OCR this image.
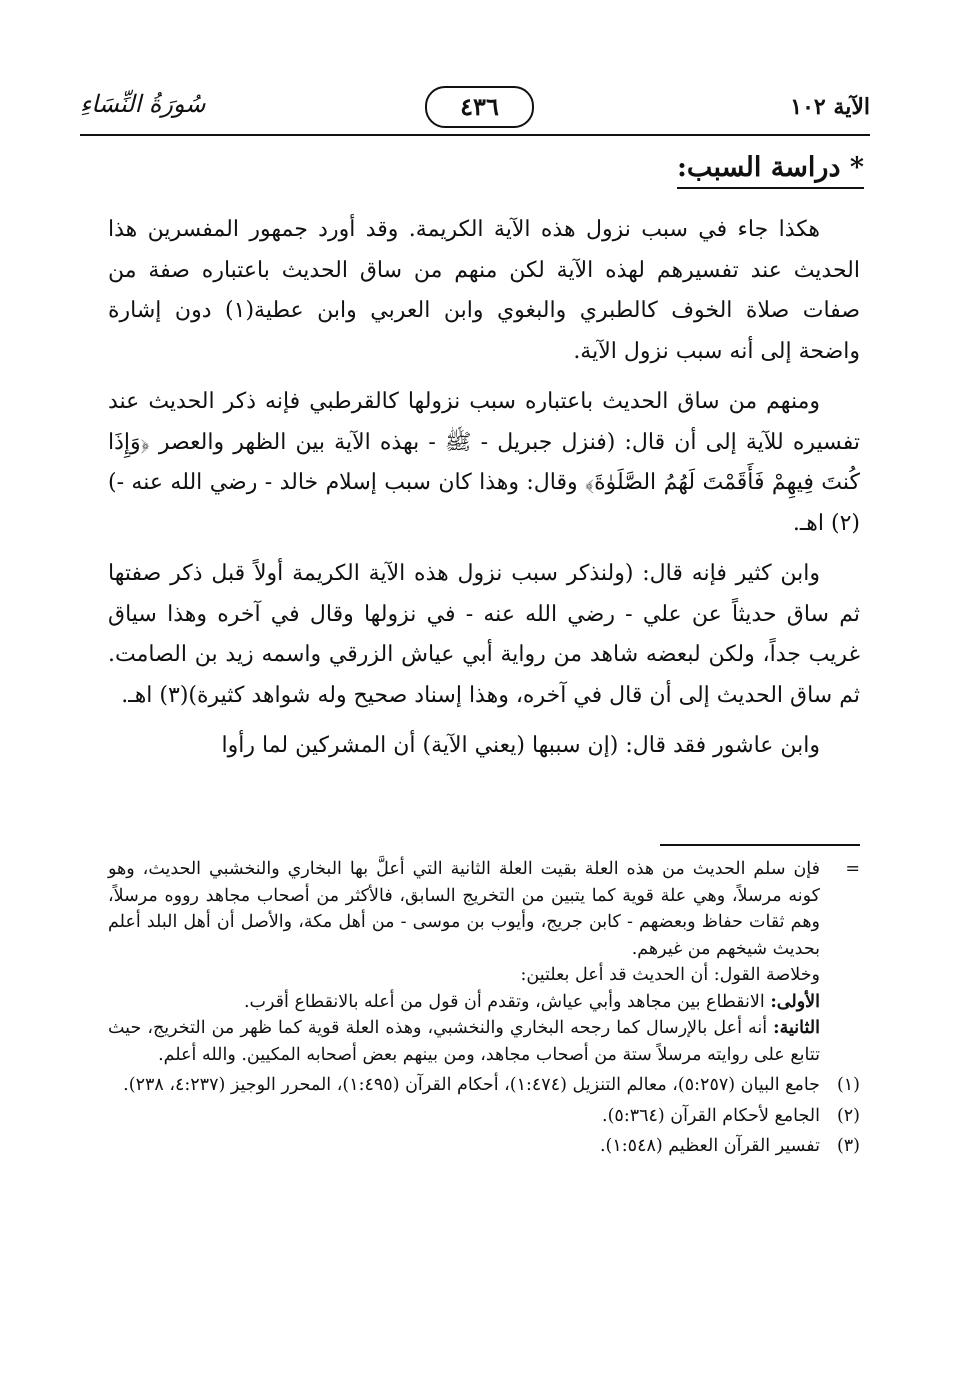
الآية ١٠٢
٤٣٦
سُورَةُ النِّسَاءِ
* دراسة السبب:

هكذا جاء في سبب نزول هذه الآية الكريمة. وقد أورد جمهور المفسرين هذا الحديث عند تفسيرهم لهذه الآية لكن منهم من ساق الحديث باعتباره صفة من صفات صلاة الخوف كالطبري والبغوي وابن العربي وابن عطية(١) دون إشارة واضحة إلى أنه سبب نزول الآية.

ومنهم من ساق الحديث باعتباره سبب نزولها كالقرطبي فإنه ذكر الحديث عند تفسيره للآية إلى أن قال: (فنزل جبريل - ﷺ - بهذه الآية بين الظهر والعصر ﴿وَإِذَا كُنتَ فِيهِمْ فَأَقَمْتَ لَهُمُ الصَّلَوٰةَ﴾ وقال: وهذا كان سبب إسلام خالد - رضي الله عنه -)(٢) اهـ.

وابن كثير فإنه قال: (ولنذكر سبب نزول هذه الآية الكريمة أولاً قبل ذكر صفتها ثم ساق حديثاً عن علي - رضي الله عنه - في نزولها وقال في آخره وهذا سياق غريب جداً، ولكن لبعضه شاهد من رواية أبي عياش الزرقي واسمه زيد بن الصامت. ثم ساق الحديث إلى أن قال في آخره، وهذا إسناد صحيح وله شواهد كثيرة)(٣) اهـ.

وابن عاشور فقد قال: (إن سببها (يعني الآية) أن المشركين لما رأوا

=
فإن سلم الحديث من هذه العلة بقيت العلة الثانية التي أعلَّ بها البخاري والنخشبي الحديث، وهو كونه مرسلاً، وهي علة قوية كما يتبين من التخريج السابق، فالأكثر من أصحاب مجاهد رووه مرسلاً، وهم ثقات حفاظ وبعضهم - كابن جريج، وأيوب بن موسى - من أهل مكة، والأصل أن أهل البلد أعلم بحديث شيخهم من غيرهم.

وخلاصة القول: أن الحديث قد أعل بعلتين:

الأولى: الانقطاع بين مجاهد وأبي عياش، وتقدم أن قول من أعله بالانقطاع أقرب.

الثانية: أنه أعل بالإرسال كما رجحه البخاري والنخشبي، وهذه العلة قوية كما ظهر من التخريج، حيث تتابع على روايته مرسلاً ستة من أصحاب مجاهد، ومن بينهم بعض أصحابه المكيين. والله أعلم.

(١)
جامع البيان (٥:٢٥٧)، معالم التنزيل (١:٤٧٤)، أحكام القرآن (١:٤٩٥)، المحرر الوجيز (٤:٢٣٧، ٢٣٨).

(٢)
الجامع لأحكام القرآن (٥:٣٦٤).

(٣)
تفسير القرآن العظيم (١:٥٤٨).
